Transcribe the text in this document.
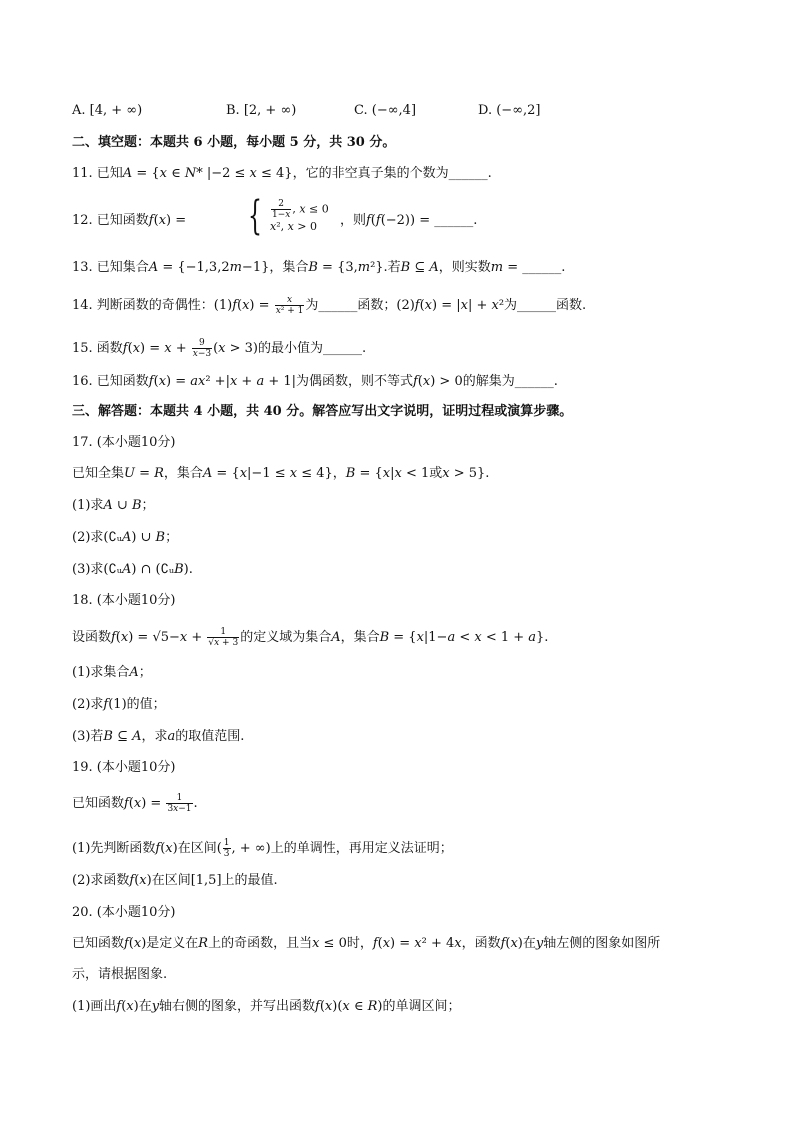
A. [4, + ∞)	B. [2, + ∞)	C. (−∞,4]	D. (−∞,2]
二、填空题：本题共 6 小题，每小题 5 分，共 30 分。
11. 已知𝐴 = {𝑥 ∈ 𝑁* |−2 ≤ 𝑥 ≤ 4}，它的非空真子集的个数为______.
12. 已知函数𝑓(𝑥) = { $\frac{2}{\text{1−𝑥}}$ , 𝑥 ≤ 0
𝑥², 𝑥 > 0 ，则𝑓(𝑓(−2)) = ______.
13. 已知集合𝐴 = {−1,3,2𝑚−1}，集合𝐵 = {3,𝑚²}.若𝐵 ⊆ 𝐴，则实数𝑚 = ______.
14. 判断函数的奇偶性：(1)𝑓(𝑥) = $\frac{\text{𝑥}}{\text{𝑥² + 1}}$ 为______函数；(2)𝑓(𝑥) = |𝑥| + 𝑥²为______函数.
15. 函数𝑓(𝑥) = 𝑥 + $\frac{9}{\text{𝑥−3}}$ (𝑥 > 3)的最小值为______.
16. 已知函数𝑓(𝑥) = 𝑎𝑥² +|𝑥 + 𝑎 + 1|为偶函数，则不等式𝑓(𝑥) > 0的解集为______.
三、解答题：本题共 4 小题，共 40 分。解答应写出文字说明，证明过程或演算步骤。
17. (本小题10分)
已知全集𝑈 = 𝑅，集合𝐴 = {𝑥|−1 ≤ 𝑥 ≤ 4}，𝐵 = {𝑥|𝑥 < 1或𝑥 > 5}.
(1)求𝐴 ∪ 𝐵；
(2)求(∁ᵤ𝐴) ∪ 𝐵；
(3)求(∁ᵤ𝐴) ∩ (∁ᵤ𝐵).
18. (本小题10分)
设函数𝑓(𝑥) = √5−𝑥 + $\frac{1}{\text{√𝑥 + 3}}$ 的定义域为集合𝐴，集合𝐵 = {𝑥|1−𝑎 < 𝑥 < 1 + 𝑎}.
(1)求集合𝐴；
(2)求𝑓(1)的值；
(3)若𝐵 ⊆ 𝐴，求𝑎的取值范围.
19. (本小题10分)
已知函数𝑓(𝑥) = $\frac{1}{\text{3𝑥−1}}$ .
(1)先判断函数𝑓(𝑥)在区间( $\frac{1}{3}$ , + ∞)上的单调性，再用定义法证明；
(2)求函数𝑓(𝑥)在区间[1,5]上的最值.
20. (本小题10分)
已知函数𝑓(𝑥)是定义在𝑅上的奇函数，且当𝑥 ≤ 0时，𝑓(𝑥) = 𝑥² + 4𝑥，函数𝑓(𝑥)在𝑦轴左侧的图象如图所
示，请根据图象.
(1)画出𝑓(𝑥)在𝑦轴右侧的图象，并写出函数𝑓(𝑥)(𝑥 ∈ 𝑅)的单调区间；
